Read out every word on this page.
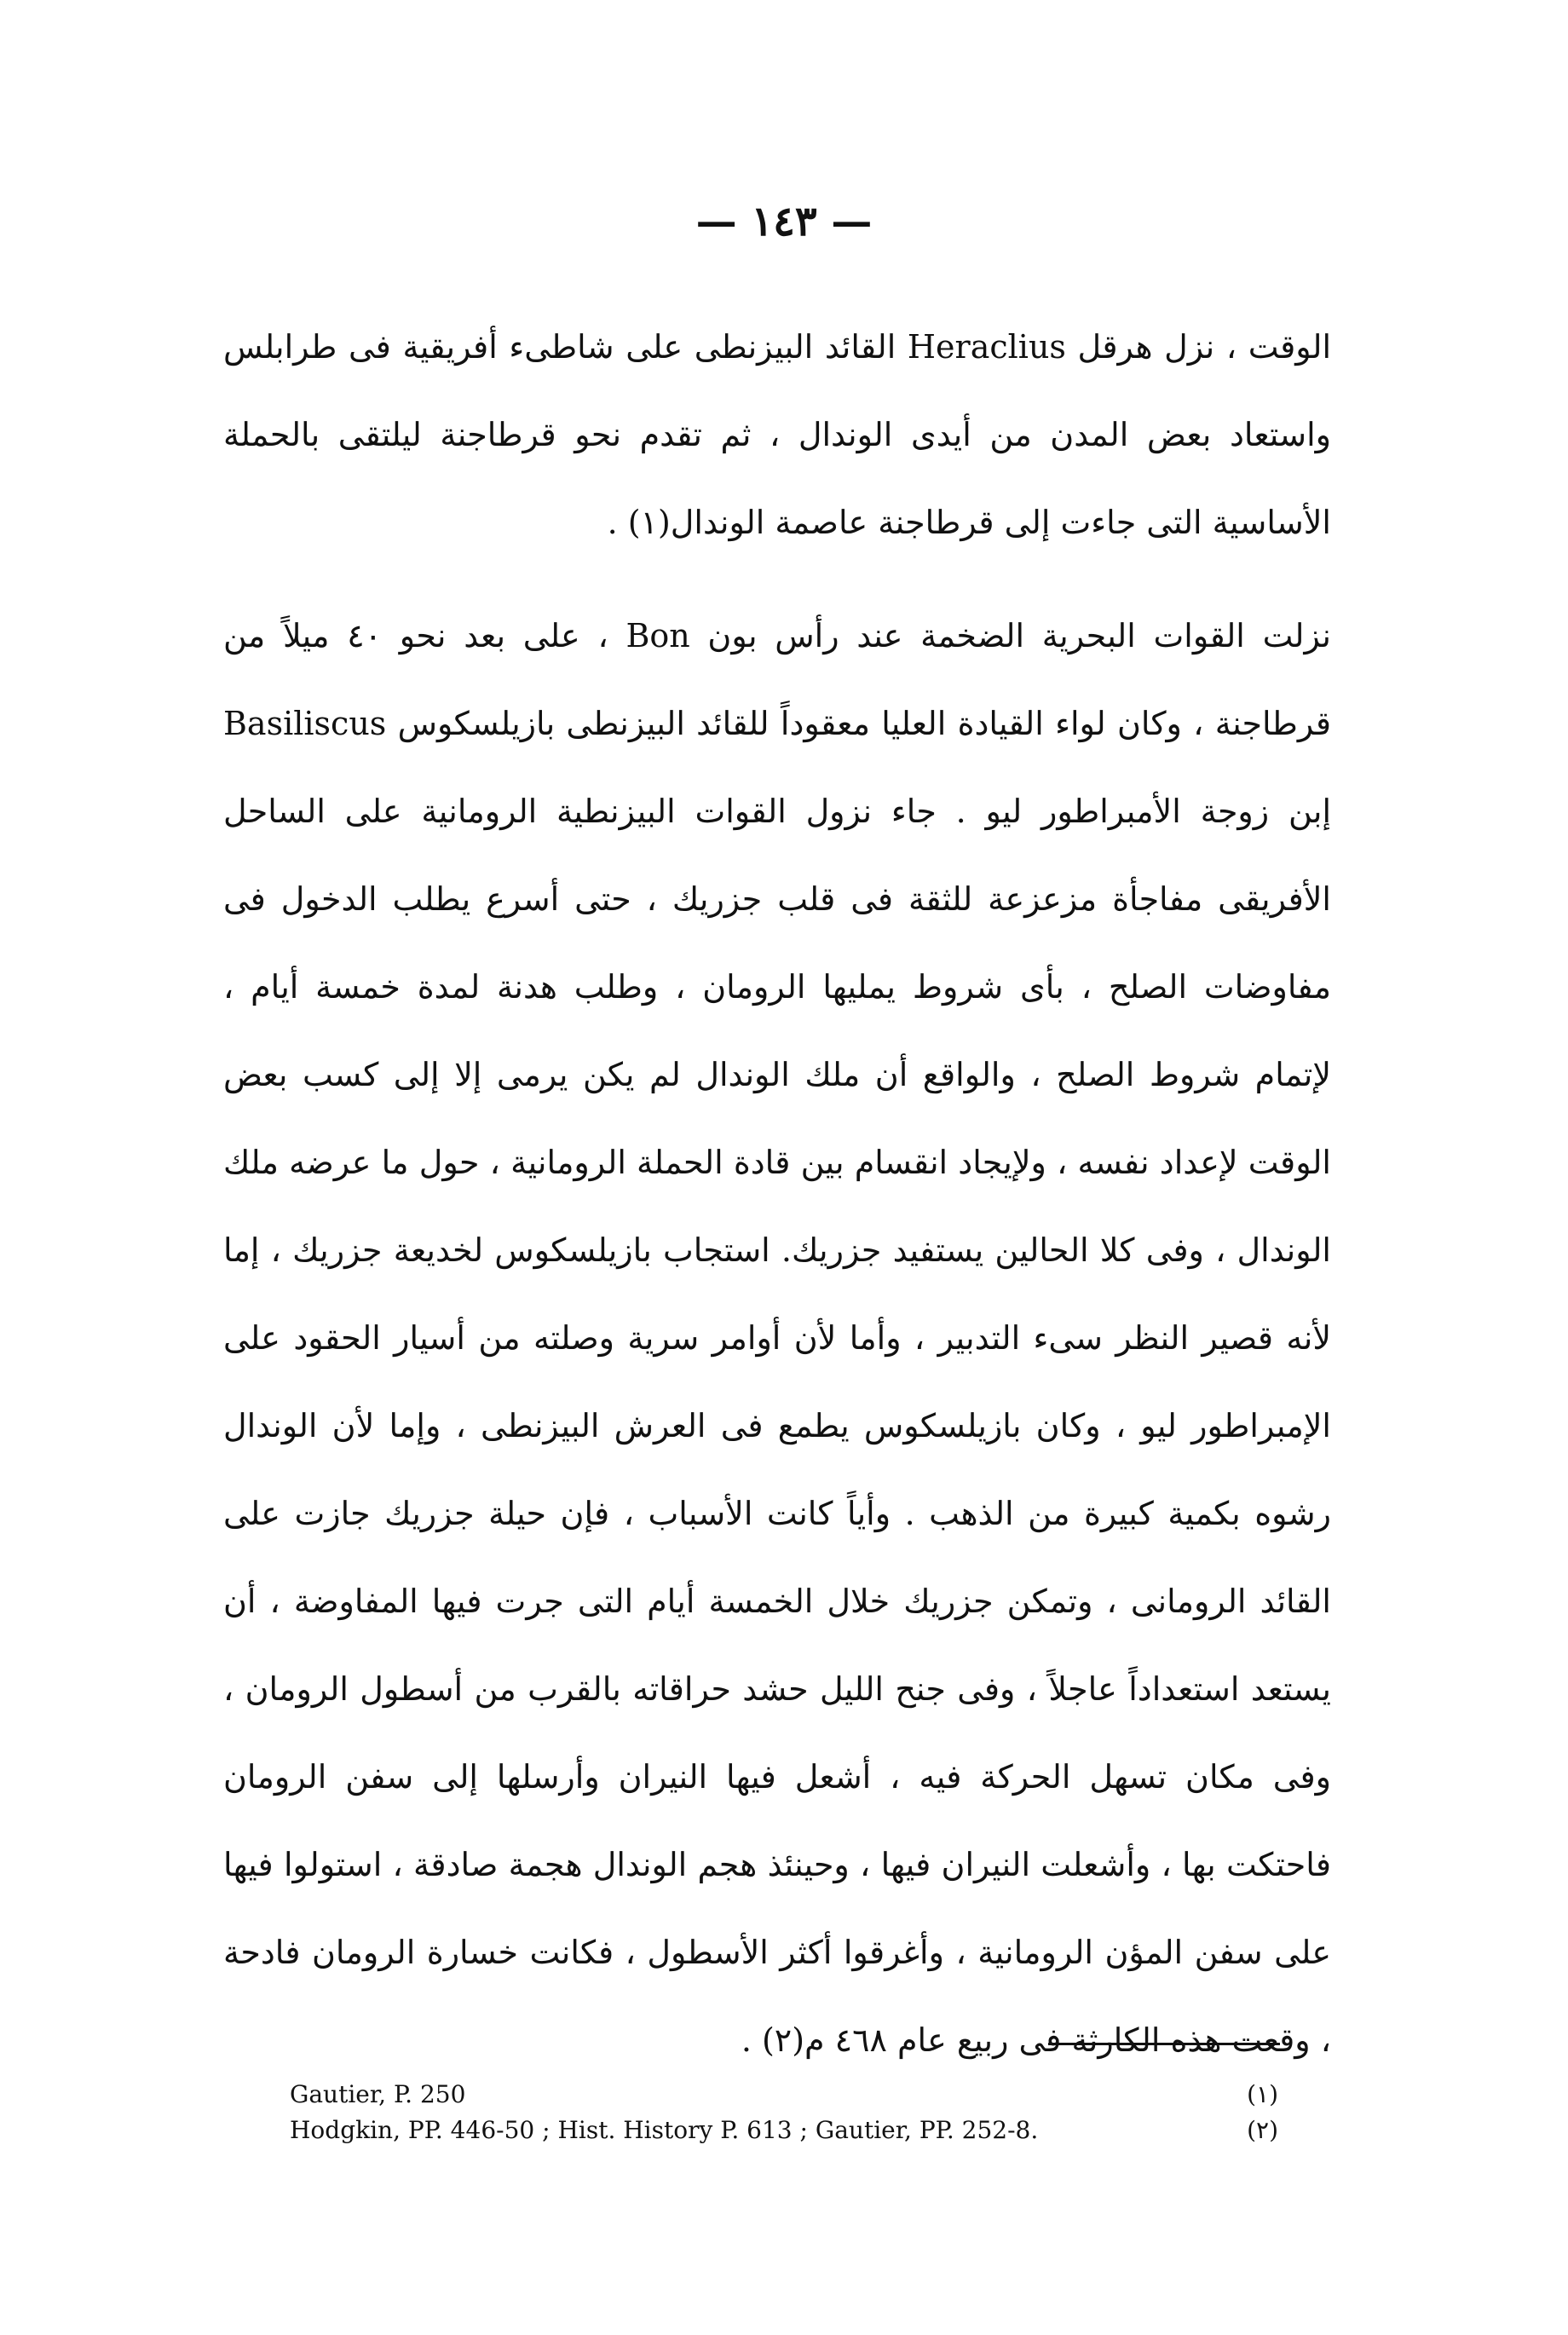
— ١٤٣ —

الوقت ، نزل هرقل Heraclius القائد البيزنطى على شاطىء أفريقية فى طرابلس واستعاد بعض المدن من أيدى الوندال ، ثم تقدم نحو قرطاجنة ليلتقى بالحملة الأساسية التى جاءت إلى قرطاجنة عاصمة الوندال(١) .

نزلت القوات البحرية الضخمة عند رأس بون Bon ، على بعد نحو ٤٠ ميلاً من قرطاجنة ، وكان لواء القيادة العليا معقوداً للقائد البيزنطى بازيلسكوس Basiliscus إبن زوجة الأمبراطور ليو . جاء نزول القوات البيزنطية الرومانية على الساحل الأفريقى مفاجأة مزعزعة للثقة فى قلب جزريك ، حتى أسرع يطلب الدخول فى مفاوضات الصلح ، بأى شروط يمليها الرومان ، وطلب هدنة لمدة خمسة أيام ، لإتمام شروط الصلح ، والواقع أن ملك الوندال لم يكن يرمى إلا إلى كسب بعض الوقت لإعداد نفسه ، ولإيجاد انقسام بين قادة الحملة الرومانية ، حول ما عرضه ملك الوندال ، وفى كلا الحالين يستفيد جزريك. استجاب بازيلسكوس لخديعة جزريك ، إما لأنه قصير النظر سىء التدبير ، وأما لأن أوامر سرية وصلته من أسيار الحقود على الإمبراطور ليو ، وكان بازيلسكوس يطمع فى العرش البيزنطى ، وإما لأن الوندال رشوه بكمية كبيرة من الذهب . وأياً كانت الأسباب ، فإن حيلة جزريك جازت على القائد الرومانى ، وتمكن جزريك خلال الخمسة أيام التى جرت فيها المفاوضة ، أن يستعد استعداداً عاجلاً ، وفى جنح الليل حشد حراقاته بالقرب من أسطول الرومان ، وفى مكان تسهل الحركة فيه ، أشعل فيها النيران وأرسلها إلى سفن الرومان فاحتكت بها ، وأشعلت النيران فيها ، وحينئذ هجم الوندال هجمة صادقة ، استولوا فيها على سفن المؤن الرومانية ، وأغرقوا أكثر الأسطول ، فكانت خسارة الرومان فادحة ، وقعت هذه الكارثة فى ربيع عام ٤٦٨ م(٢) .

Gautier, P. 250	(١)
Hodgkin, PP. 446-50 ; Hist. History P. 613 ; Gautier, PP. 252-8.	(٢)
